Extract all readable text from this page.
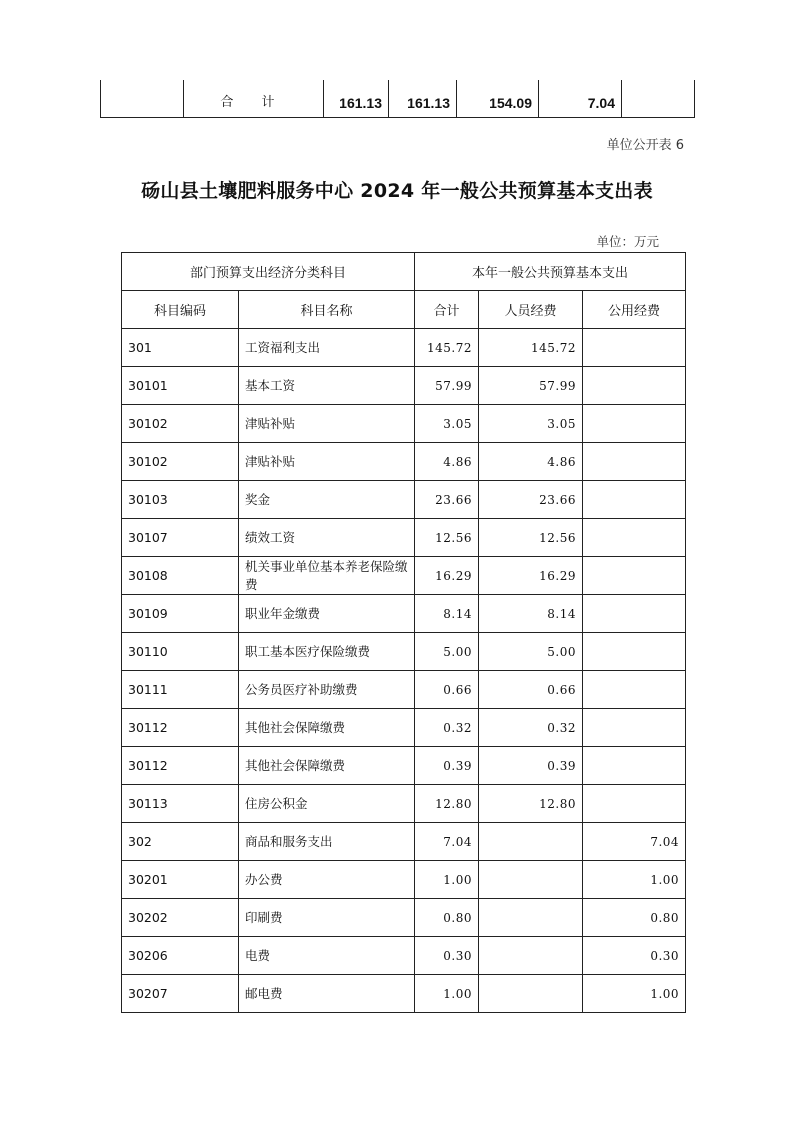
合 计	161.13	161.13	154.09	7.04
单位公开表 6
砀山县土壤肥料服务中心 2024 年一般公共预算基本支出表
单位：万元
部门预算支出经济分类科目		本年一般公共预算基本支出		
科目编码	科目名称	合计	人员经费	公用经费
301	工资福利支出	145.72	145.72	
30101	基本工资	57.99	57.99	
30102	津贴补贴	3.05	3.05	
30102	津贴补贴	4.86	4.86	
30103	奖金	23.66	23.66	
30107	绩效工资	12.56	12.56	
30108	机关事业单位基本养老保险缴费	16.29	16.29	
30109	职业年金缴费	8.14	8.14	
30110	职工基本医疗保险缴费	5.00	5.00	
30111	公务员医疗补助缴费	0.66	0.66	
30112	其他社会保障缴费	0.32	0.32	
30112	其他社会保障缴费	0.39	0.39	
30113	住房公积金	12.80	12.80	
302	商品和服务支出	7.04		7.04
30201	办公费	1.00		1.00
30202	印刷费	0.80		0.80
30206	电费	0.30		0.30
30207	邮电费	1.00		1.00
